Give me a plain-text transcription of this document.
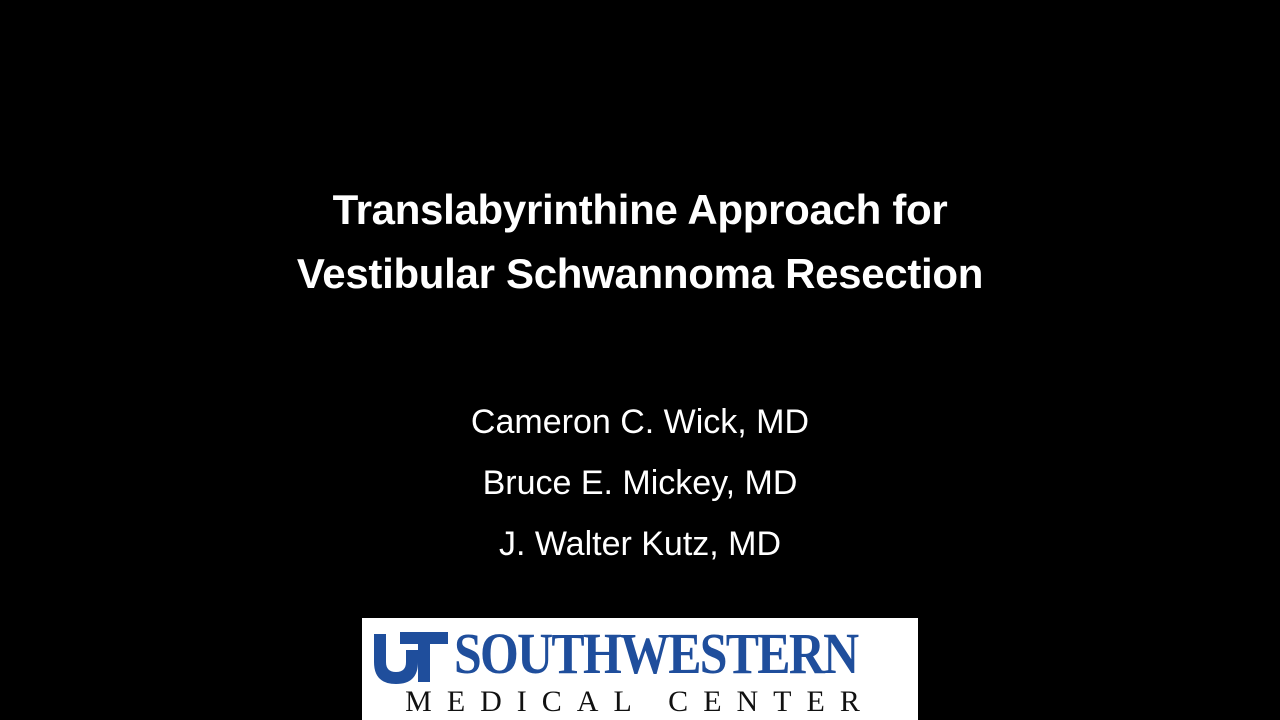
Translabyrinthine Approach for
Vestibular Schwannoma Resection
Cameron C. Wick, MD
Bruce E. Mickey, MD
J. Walter Kutz, MD
SOUTHWESTERN
MEDICAL CENTER
